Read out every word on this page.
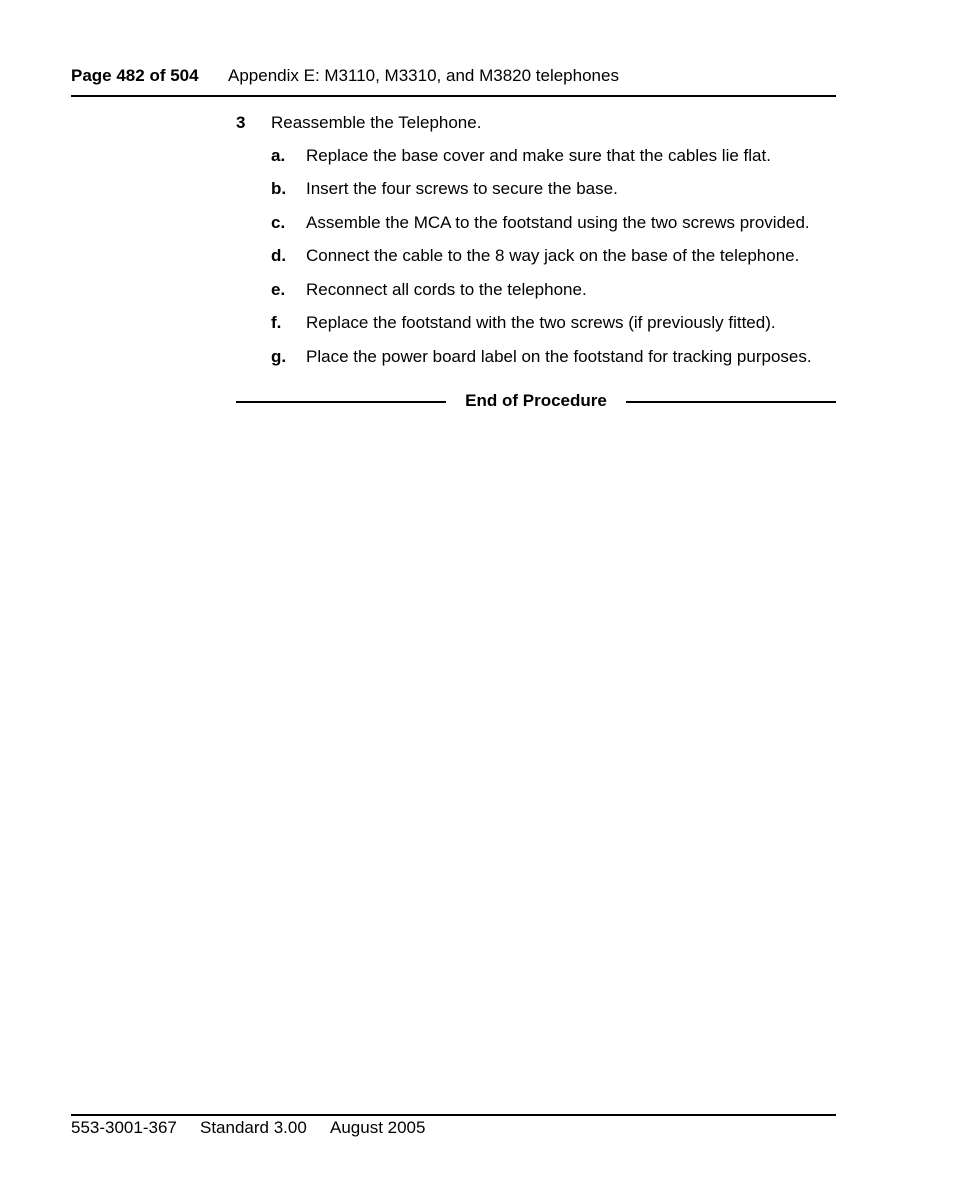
Page 482 of 504 Appendix E: M3110, M3310, and M3820 telephones
3 Reassemble the Telephone.
a. Replace the base cover and make sure that the cables lie flat.
b. Insert the four screws to secure the base.
c. Assemble the MCA to the footstand using the two screws provided.
d. Connect the cable to the 8 way jack on the base of the telephone.
e. Reconnect all cords to the telephone.
f. Replace the footstand with the two screws (if previously fitted).
g. Place the power board label on the footstand for tracking purposes.
End of Procedure
553-3001-367 Standard 3.00 August 2005
